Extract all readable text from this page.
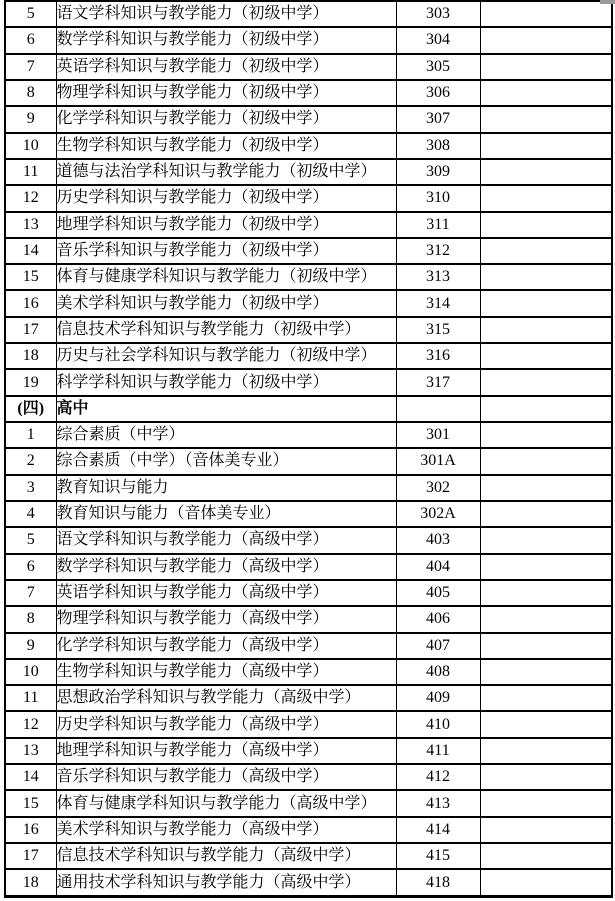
5	语文学科知识与教学能力（初级中学）	303	
6	数学学科知识与教学能力（初级中学）	304	
7	英语学科知识与教学能力（初级中学）	305	
8	物理学科知识与教学能力（初级中学）	306	
9	化学学科知识与教学能力（初级中学）	307	
10	生物学科知识与教学能力（初级中学）	308	
11	道德与法治学科知识与教学能力（初级中学）	309	
12	历史学科知识与教学能力（初级中学）	310	
13	地理学科知识与教学能力（初级中学）	311	
14	音乐学科知识与教学能力（初级中学）	312	
15	体育与健康学科知识与教学能力（初级中学）	313	
16	美术学科知识与教学能力（初级中学）	314	
17	信息技术学科知识与教学能力（初级中学）	315	
18	历史与社会学科知识与教学能力（初级中学）	316	
19	科学学科知识与教学能力（初级中学）	317	
(四)	高中		
1	综合素质（中学）	301	
2	综合素质（中学）（音体美专业）	301A	
3	教育知识与能力	302	
4	教育知识与能力（音体美专业）	302A	
5	语文学科知识与教学能力（高级中学）	403	
6	数学学科知识与教学能力（高级中学）	404	
7	英语学科知识与教学能力（高级中学）	405	
8	物理学科知识与教学能力（高级中学）	406	
9	化学学科知识与教学能力（高级中学）	407	
10	生物学科知识与教学能力（高级中学）	408	
11	思想政治学科知识与教学能力（高级中学）	409	
12	历史学科知识与教学能力（高级中学）	410	
13	地理学科知识与教学能力（高级中学）	411	
14	音乐学科知识与教学能力（高级中学）	412	
15	体育与健康学科知识与教学能力（高级中学）	413	
16	美术学科知识与教学能力（高级中学）	414	
17	信息技术学科知识与教学能力（高级中学）	415	
18	通用技术学科知识与教学能力（高级中学）	418	
